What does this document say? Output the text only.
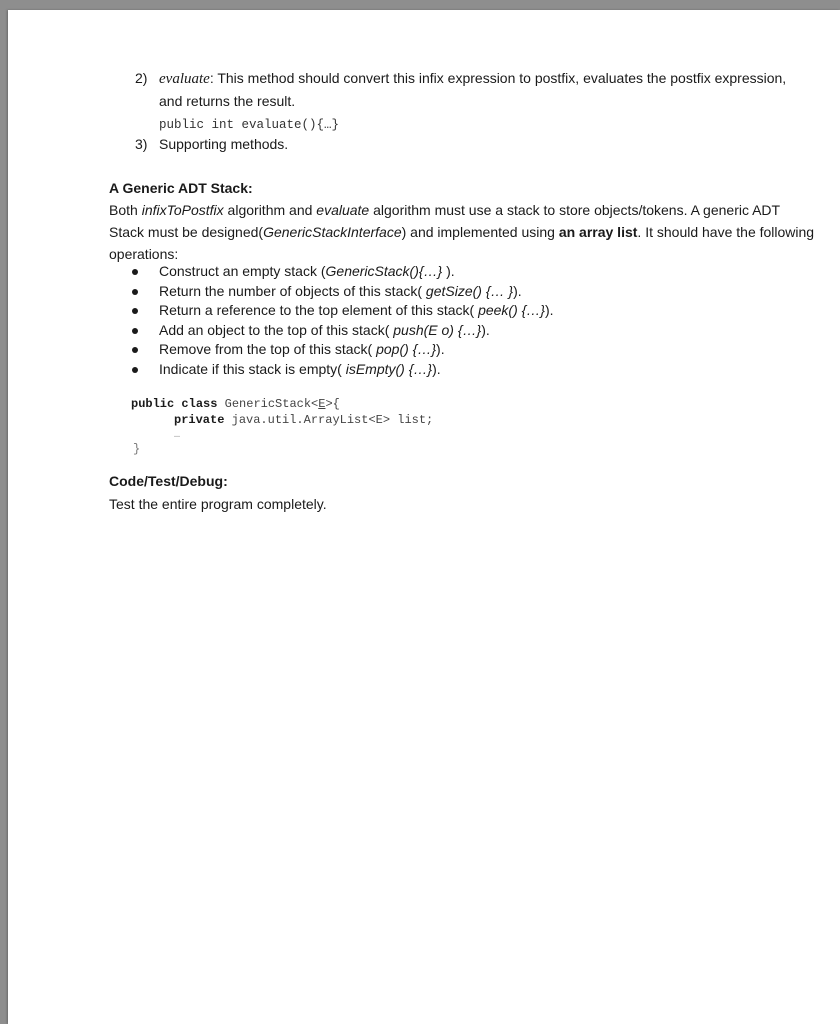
2) evaluate: This method should convert this infix expression to postfix, evaluates the postfix expression,
and returns the result.
public int evaluate(){…}
3) Supporting methods.
A Generic ADT Stack:
Both infixToPostfix algorithm and evaluate algorithm must use a stack to store objects/tokens. A generic ADT Stack must be designed(GenericStackInterface) and implemented using an array list. It should have the following operations:
Construct an empty stack (GenericStack(){…} ).
Return the number of objects of this stack( getSize() {… }).
Return a reference to the top element of this stack( peek() {…}).
Add an object to the top of this stack( push(E o) {…}).
Remove from the top of this stack( pop() {…}).
Indicate if this stack is empty( isEmpty() {…}).
public class GenericStack<E>{
private java.util.ArrayList<E> list;
…
}
Code/Test/Debug:
Test the entire program completely.
